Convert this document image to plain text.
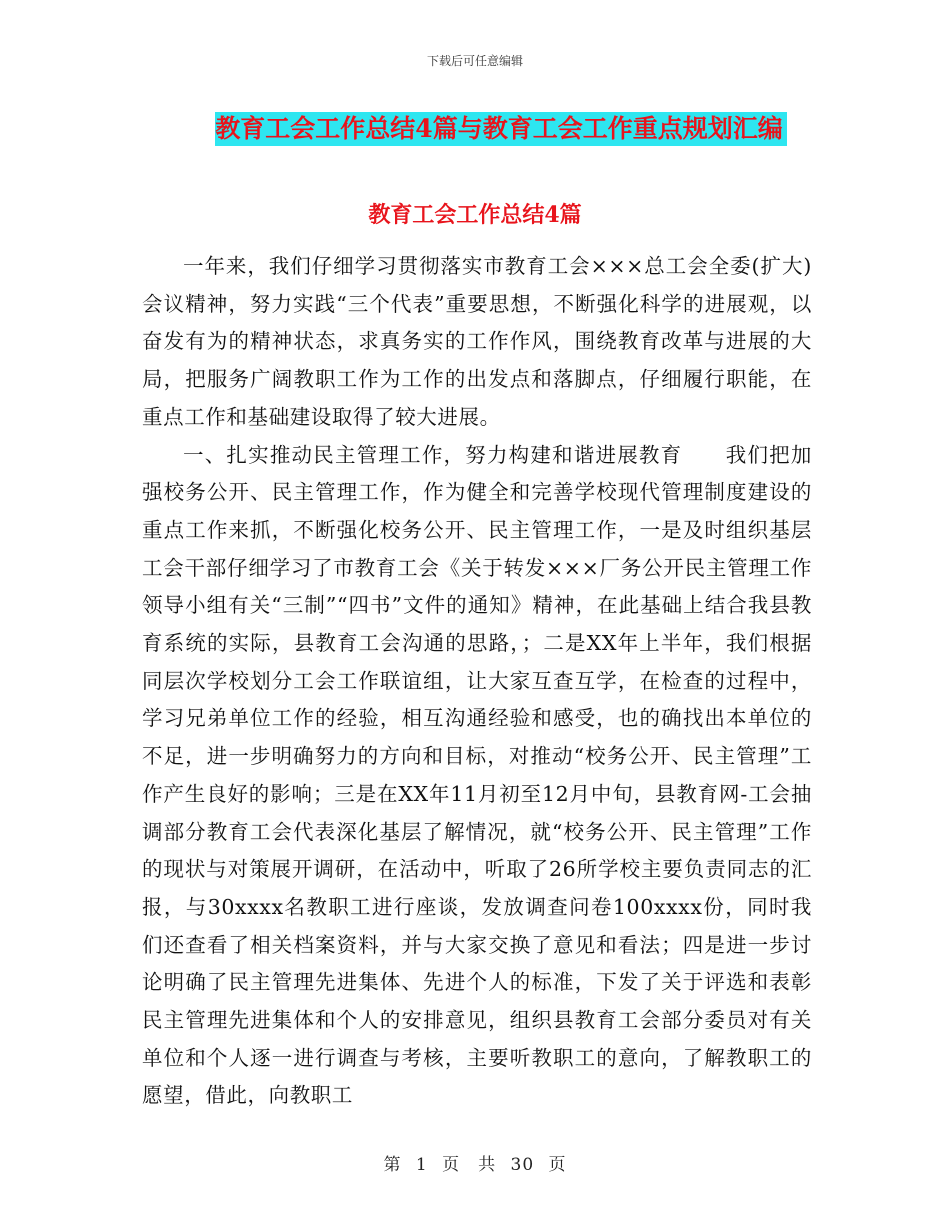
下载后可任意编辑
教育工会工作总结4篇与教育工会工作重点规划汇编
教育工会工作总结4篇

一年来，我们仔细学习贯彻落实市教育工会×××总工会全委(扩大)会议精神，努力实践“三个代表”重要思想，不断强化科学的进展观，以奋发有为的精神状态，求真务实的工作作风，围绕教育改革与进展的大局，把服务广阔教职工作为工作的出发点和落脚点，仔细履行职能，在重点工作和基础建设取得了较大进展。

一、扎实推动民主管理工作，努力构建和谐进展教育　　我们把加强校务公开、民主管理工作，作为健全和完善学校现代管理制度建设的重点工作来抓，不断强化校务公开、民主管理工作，一是及时组织基层工会干部仔细学习了市教育工会《关于转发×××厂务公开民主管理工作领导小组有关“三制”“四书”文件的通知》精神，在此基础上结合我县教育系统的实际，县教育工会沟通的思路，；二是XX年上半年，我们根据同层次学校划分工会工作联谊组，让大家互查互学，在检查的过程中，学习兄弟单位工作的经验，相互沟通经验和感受，也的确找出本单位的不足，进一步明确努力的方向和目标，对推动“校务公开、民主管理”工作产生良好的影响；三是在XX年11月初至12月中旬，县教育网-工会抽调部分教育工会代表深化基层了解情况，就“校务公开、民主管理”工作的现状与对策展开调研，在活动中，听取了26所学校主要负责同志的汇报，与30xxxx名教职工进行座谈，发放调查问卷100xxxx份，同时我们还查看了相关档案资料，并与大家交换了意见和看法；四是进一步讨论明确了民主管理先进集体、先进个人的标准，下发了关于评选和表彰民主管理先进集体和个人的安排意见，组织县教育工会部分委员对有关单位和个人逐一进行调查与考核，主要听教职工的意向，了解教职工的愿望，借此，向教职工

第 1 页　共 30 页
